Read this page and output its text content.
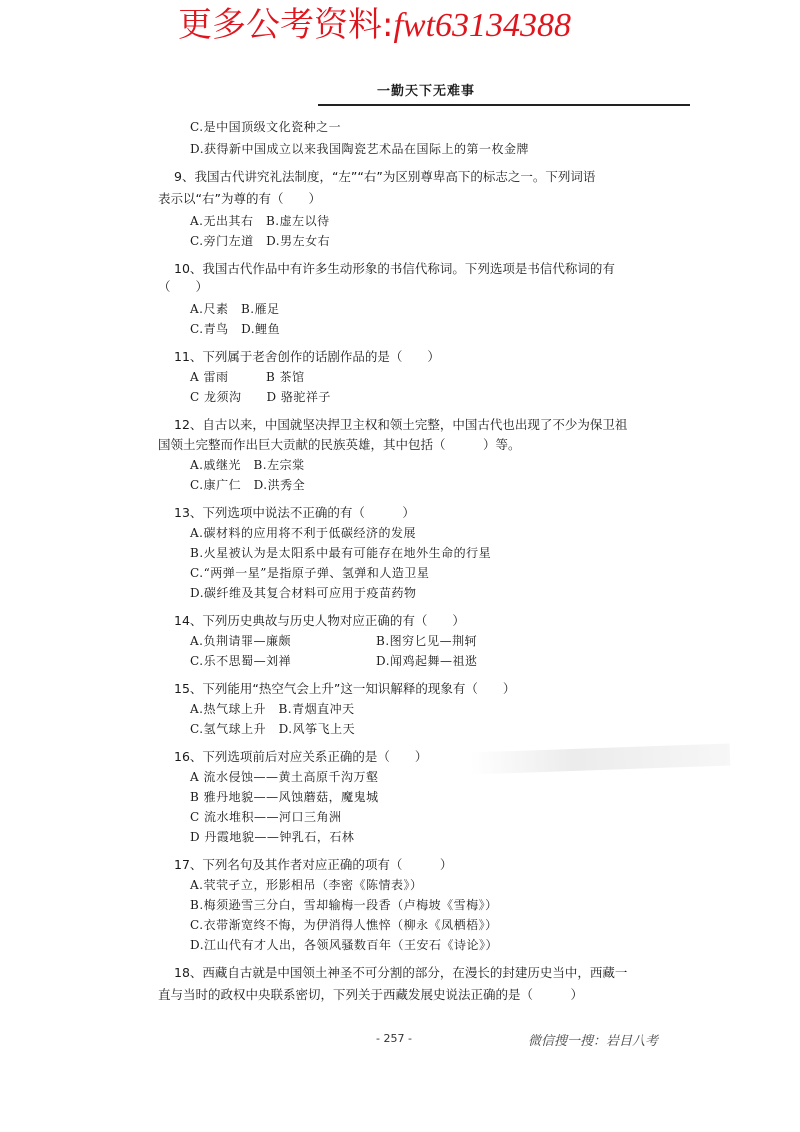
更多公考资料:fwt63134388
一勤天下无难事
C.是中国顶级文化瓷种之一
D.获得新中国成立以来我国陶瓷艺术品在国际上的第一枚金牌
9、我国古代讲究礼法制度，“左”“右”为区别尊卑高下的标志之一。下列词语
表示以“右”为尊的有（　　）
A.无出其右　B.虚左以待
C.旁门左道　D.男左女右
10、我国古代作品中有许多生动形象的书信代称词。下列选项是书信代称词的有
（　　）
A.尺素　B.雁足
C.青鸟　D.鲤鱼
11、下列属于老舍创作的话剧作品的是（　　）
A 雷雨　　　B 茶馆
C 龙须沟　　D 骆驼祥子
12、自古以来，中国就坚决捍卫主权和领土完整，中国古代也出现了不少为保卫祖
国领土完整而作出巨大贡献的民族英雄，其中包括（　　　）等。
A.戚继光　B.左宗棠
C.康广仁　D.洪秀全
13、下列选项中说法不正确的有（　　　）
A.碳材料的应用将不利于低碳经济的发展
B.火星被认为是太阳系中最有可能存在地外生命的行星
C.“两弹一星”是指原子弹、氢弹和人造卫星
D.碳纤维及其复合材料可应用于疫苗药物
14、下列历史典故与历史人物对应正确的有（　　）
A.负荆请罪—廉颇	B.图穷匕见—荆轲
C.乐不思蜀—刘禅	D.闻鸡起舞—祖逖
15、下列能用“热空气会上升”这一知识解释的现象有（　　）
A.热气球上升　B.青烟直冲天
C.氢气球上升　D.风筝飞上天
16、下列选项前后对应关系正确的是（　　）
A 流水侵蚀——黄土高原千沟万壑
B 雅丹地貌——风蚀蘑菇，魔鬼城
C 流水堆积——河口三角洲
D 丹霞地貌——钟乳石，石林
17、下列名句及其作者对应正确的项有（　　　）
A.茕茕孑立，形影相吊（李密《陈情表》）
B.梅须逊雪三分白，雪却输梅一段香（卢梅坡《雪梅》）
C.衣带渐宽终不悔，为伊消得人憔悴（柳永《凤栖梧》）
D.江山代有才人出，各领风骚数百年（王安石《诗论》）
18、西藏自古就是中国领土神圣不可分割的部分，在漫长的封建历史当中，西藏一
直与当时的政权中央联系密切，下列关于西藏发展史说法正确的是（　　　）
- 257 -	微信搜一搜：岩目八考
